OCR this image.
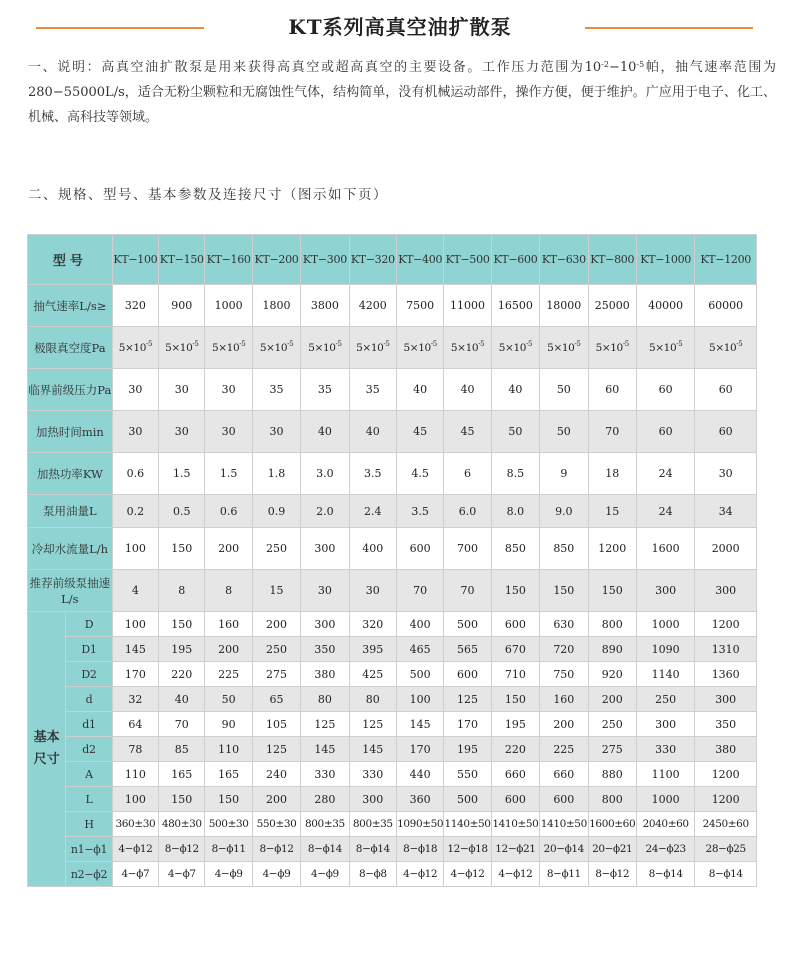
KT系列高真空油扩散泵
一、说明：高真空油扩散泵是用来获得高真空或超高真空的主要设备。工作压力范围为$10^{-2}-10^{-5}$帕，抽气速率范围为280−55000L/s，适合无粉尘颗粒和无腐蚀性气体，结构简单，没有机械运动部件，操作方便，便于维护。广应用于电子、化工、机械、高科技等领域。
二、规格、型号、基本参数及连接尺寸（图示如下页）
型号		KT−100	KT−150	KT−160	KT−200	KT−300	KT−320	KT−400	KT−500	KT−600	KT−630	KT−800	KT−1000	KT−1200
抽气速率L/s≥		320	900	1000	1800	3800	4200	7500	11000	16500	18000	25000	40000	60000
极限真空度Pa		$5\times 10^{-5}$	$5\times 10^{-5}$	$5\times 10^{-5}$	$5\times 10^{-5}$	$5\times 10^{-5}$	$5\times 10^{-5}$	$5\times 10^{-5}$	$5\times 10^{-5}$	$5\times 10^{-5}$	$5\times 10^{-5}$	$5\times 10^{-5}$	$5\times 10^{-5}$	$5\times 10^{-5}$
临界前级压力Pa		30	30	30	35	35	35	40	40	40	50	60	60	60
加热时间min		30	30	30	30	40	40	45	45	50	50	70	60	60
加热功率KW		0.6	1.5	1.5	1.8	3.0	3.5	4.5	6	8.5	9	18	24	30
泵用油量L		0.2	0.5	0.6	0.9	2.0	2.4	3.5	6.0	8.0	9.0	15	24	34
冷却水流量L/h		100	150	200	250	300	400	600	700	850	850	1200	1600	2000
推荐前级泵抽速L/s		4	8	8	15	30	30	70	70	150	150	150	300	300
基本尺寸	D	100	150	160	200	300	320	400	500	600	630	800	1000	1200
	D1	145	195	200	250	350	395	465	565	670	720	890	1090	1310
	D2	170	220	225	275	380	425	500	600	710	750	920	1140	1360
	d	32	40	50	65	80	80	100	125	150	160	200	250	300
	d1	64	70	90	105	125	125	145	170	195	200	250	300	350
	d2	78	85	110	125	145	145	170	195	220	225	275	330	380
	A	110	165	165	240	330	330	440	550	660	660	880	1100	1200
	L	100	150	150	200	280	300	360	500	600	600	800	1000	1200
	H	360±30	480±30	500±30	550±30	800±35	800±35	1090±50	1140±50	1410±50	1410±50	1600±60	2040±60	2450±60
	n1−ϕ1	4−ϕ12	8−ϕ12	8−ϕ11	8−ϕ12	8−ϕ14	8−ϕ14	8−ϕ18	12−ϕ18	12−ϕ21	20−ϕ14	20−ϕ21	24−ϕ23	28−ϕ25
	n2−ϕ2	4−ϕ7	4−ϕ7	4−ϕ9	4−ϕ9	4−ϕ9	8−ϕ8	4−ϕ12	4−ϕ12	4−ϕ12	8−ϕ11	8−ϕ12	8−ϕ14	8−ϕ14
